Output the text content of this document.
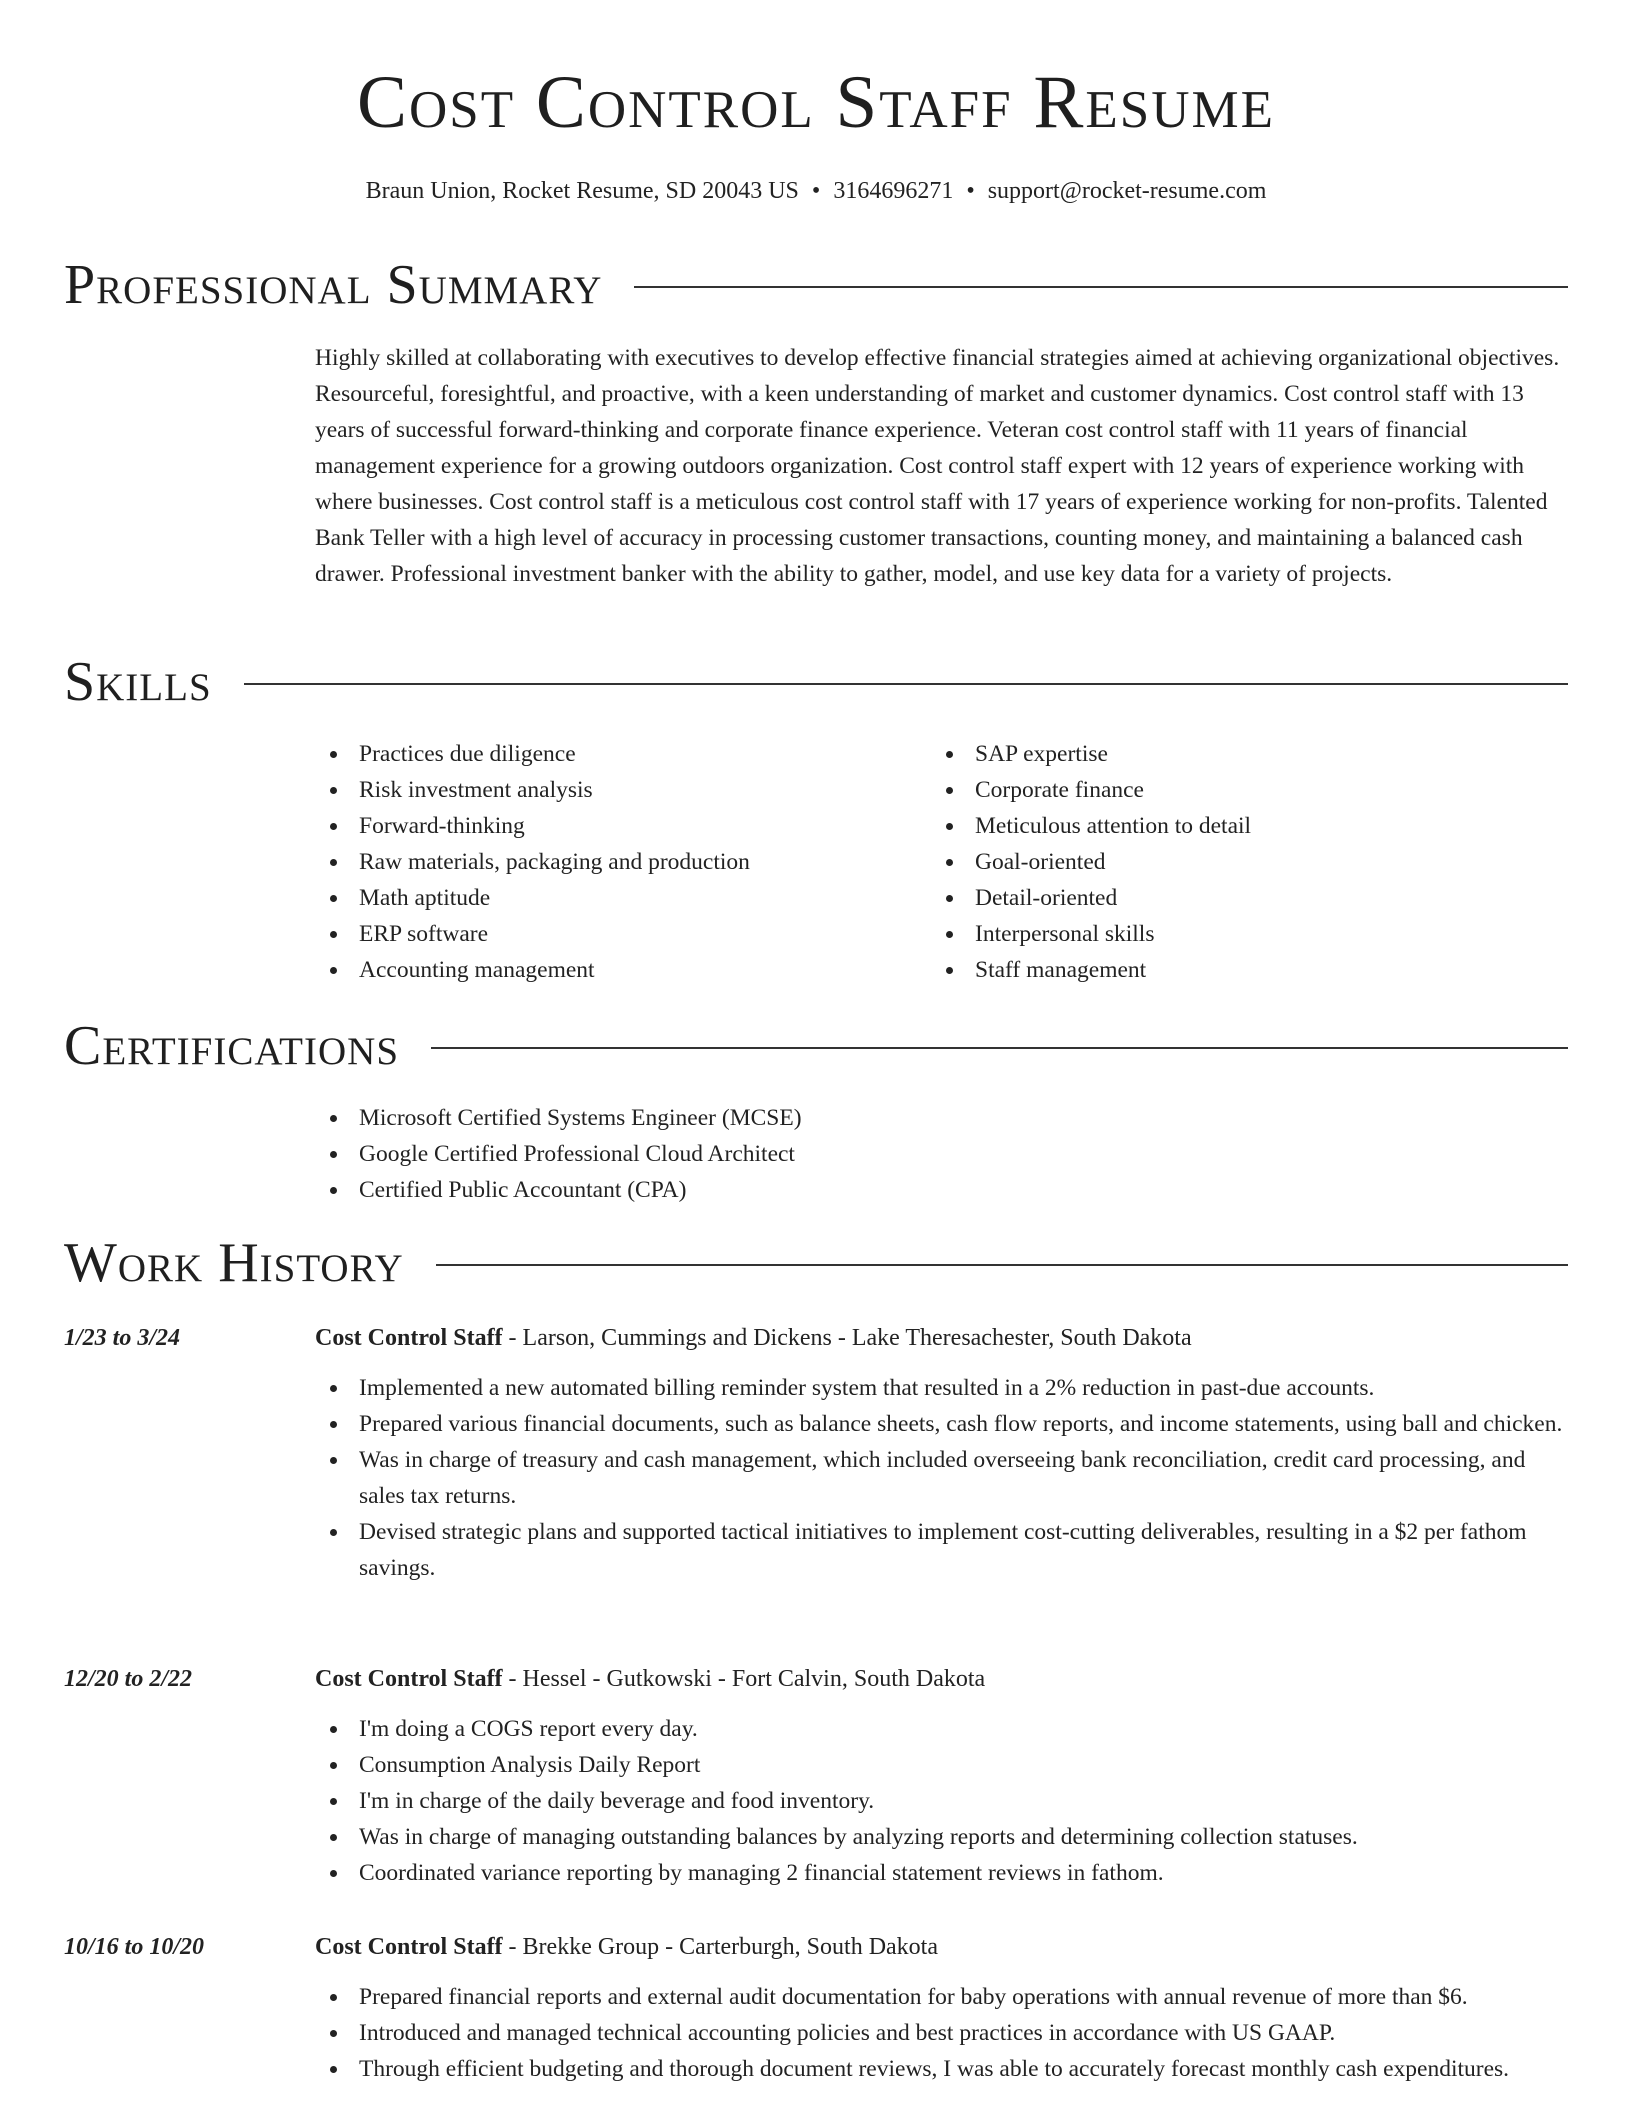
Cost Control Staff Resume
Braun Union, Rocket Resume, SD 20043 US • 3164696271 • support@rocket-resume.com
Professional Summary
Highly skilled at collaborating with executives to develop effective financial strategies aimed at achieving organizational objectives. Resourceful, foresightful, and proactive, with a keen understanding of market and customer dynamics. Cost control staff with 13 years of successful forward-thinking and corporate finance experience. Veteran cost control staff with 11 years of financial management experience for a growing outdoors organization. Cost control staff expert with 12 years of experience working with where businesses. Cost control staff is a meticulous cost control staff with 17 years of experience working for non-profits. Talented Bank Teller with a high level of accuracy in processing customer transactions, counting money, and maintaining a balanced cash drawer. Professional investment banker with the ability to gather, model, and use key data for a variety of projects.
Skills
Practices due diligence
Risk investment analysis
Forward-thinking
Raw materials, packaging and production
Math aptitude
ERP software
Accounting management
SAP expertise
Corporate finance
Meticulous attention to detail
Goal-oriented
Detail-oriented
Interpersonal skills
Staff management
Certifications
Microsoft Certified Systems Engineer (MCSE)
Google Certified Professional Cloud Architect
Certified Public Accountant (CPA)
Work History
1/23 to 3/24	Cost Control Staff - Larson, Cummings and Dickens - Lake Theresachester, South Dakota
Implemented a new automated billing reminder system that resulted in a 2% reduction in past-due accounts.
Prepared various financial documents, such as balance sheets, cash flow reports, and income statements, using ball and chicken.
Was in charge of treasury and cash management, which included overseeing bank reconciliation, credit card processing, and sales tax returns.
Devised strategic plans and supported tactical initiatives to implement cost-cutting deliverables, resulting in a $2 per fathom savings.
12/20 to 2/22	Cost Control Staff - Hessel - Gutkowski - Fort Calvin, South Dakota
I'm doing a COGS report every day.
Consumption Analysis Daily Report
I'm in charge of the daily beverage and food inventory.
Was in charge of managing outstanding balances by analyzing reports and determining collection statuses.
Coordinated variance reporting by managing 2 financial statement reviews in fathom.
10/16 to 10/20	Cost Control Staff - Brekke Group - Carterburgh, South Dakota
Prepared financial reports and external audit documentation for baby operations with annual revenue of more than $6.
Introduced and managed technical accounting policies and best practices in accordance with US GAAP.
Through efficient budgeting and thorough document reviews, I was able to accurately forecast monthly cash expenditures.
